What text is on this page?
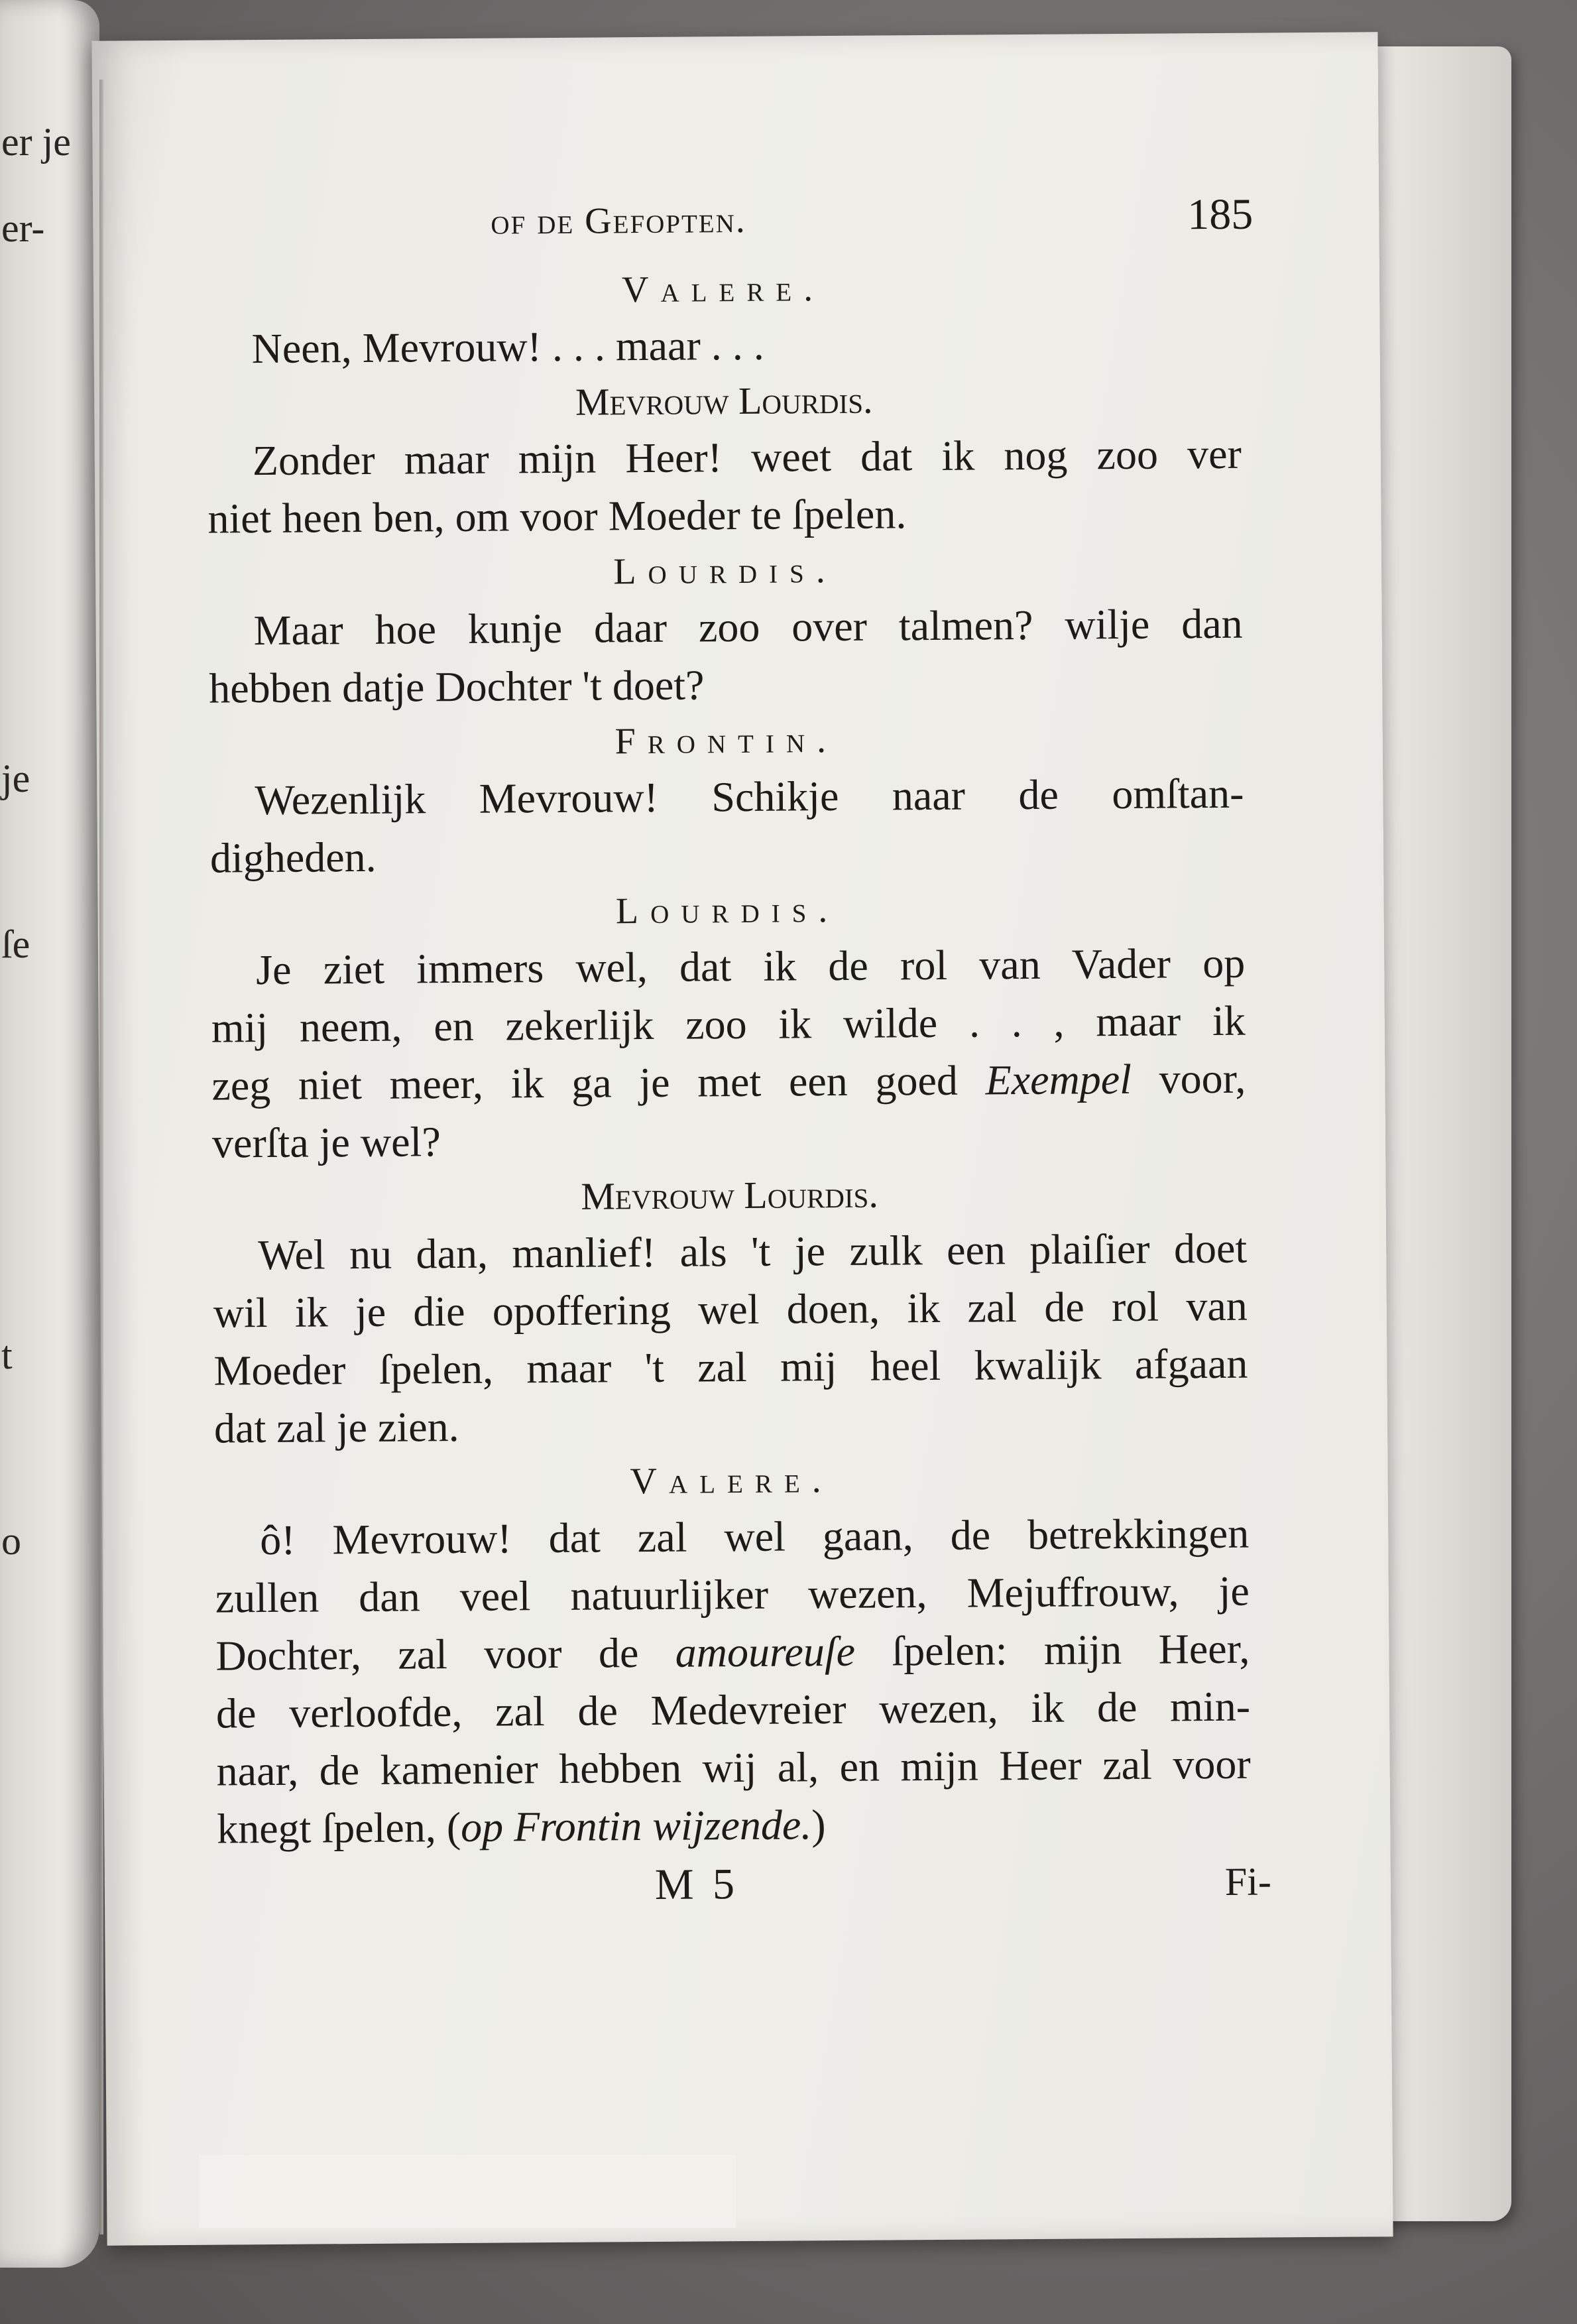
er je
er-
je
ſe
t
o
of de Gefopten.	185
Valere.
Neen, Mevrouw! . . . maar . . .
Mevrouw Lourdis.
Zonder maar mijn Heer! weet dat ik nog zoo ver
niet heen ben, om voor Moeder te ſpelen.
Lourdis.
Maar hoe kunje daar zoo over talmen? wilje dan
hebben datje Dochter 't doet?
Frontin.
Wezenlijk Mevrouw! Schikje naar de omſtan-
digheden.
Lourdis.
Je ziet immers wel, dat ik de rol van Vader op
mij neem, en zekerlijk zoo ik wilde . . , maar ik
zeg niet meer, ik ga je met een goed Exempel voor,
verſta je wel?
Mevrouw Lourdis.
Wel nu dan, manlief! als 't je zulk een plaiſier doet
wil ik je die opoffering wel doen, ik zal de rol van
Moeder ſpelen, maar 't zal mij heel kwalijk afgaan
dat zal je zien.
Valere.
ô! Mevrouw! dat zal wel gaan, de betrekkingen
zullen dan veel natuurlijker wezen, Mejuffrouw, je
Dochter, zal voor de amoureuſe ſpelen: mijn Heer,
de verloofde, zal de Medevreier wezen, ik de min-
naar, de kamenier hebben wij al, en mijn Heer zal voor
knegt ſpelen, (op Frontin wijzende.)
M 5	Fi-
